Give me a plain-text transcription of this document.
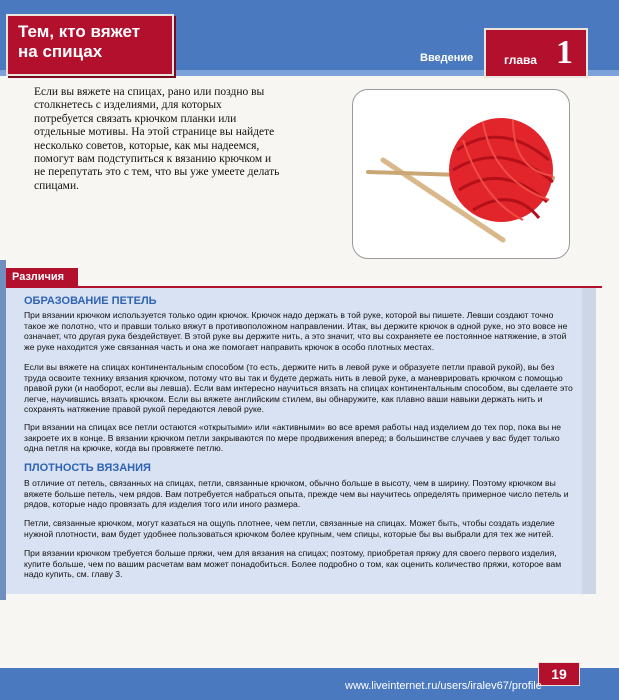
Тем, кто вяжет на спицах	Введение	глава 1
Если вы вяжете на спицах, рано или поздно вы столкнетесь с изделиями, для которых потребуется связать крючком планки или отдельные мотивы. На этой странице вы найдете несколько советов, которые, как мы надеемся, помогут вам подступиться к вязанию крючком и не перепутать это с тем, что вы уже умеете делать спицами.
Различия
ОБРАЗОВАНИЕ ПЕТЕЛЬ
При вязании крючком используется только один крючок. Крючок надо держать в той руке, которой вы пишете. Левши создают точно такое же полотно, что и правши только вяжут в противоположном направлении. Итак, вы держите крючок в одной руке, но это вовсе не означает, что другая рука бездействует. В этой руке вы держите нить, а это значит, что вы сохраняете ее постоянное натяжение, в этой же руке находится уже связанная часть и она же помогает направить крючок в особо плотных местах.
Если вы вяжете на спицах континентальным способом (то есть, держите нить в левой руке и образуете петли правой рукой), вы без труда освоите технику вязания крючком, потому что вы так и будете держать нить в левой руке, а маневрировать крючком с помощью правой руки (и наоборот, если вы левша). Если вам интересно научиться вязать на спицах континентальным способом, вы сделаете это легче, научившись вязать крючком. Если вы вяжете английским стилем, вы обнаружите, как плавно ваши навыки держать нить и сохранять натяжение правой рукой передаются левой руке.
При вязании на спицах все петли остаются «открытыми» или «активными» во все время работы над изделием до тех пор, пока вы не закроете их в конце. В вязании крючком петли закрываются по мере продвижения вперед; в большинстве случаев у вас будет только одна петля на крючке, когда вы провяжете петлю.
ПЛОТНОСТЬ ВЯЗАНИЯ
В отличие от петель, связанных на спицах, петли, связанные крючком, обычно больше в высоту, чем в ширину. Поэтому крючком вы вяжете больше петель, чем рядов. Вам потребуется набраться опыта, прежде чем вы научитесь определять примерное число петель и рядов, которые надо провязать для изделия того или иного размера.
Петли, связанные крючком, могут казаться на ощупь плотнее, чем петли, связанные на спицах. Может быть, чтобы создать изделие нужной плотности, вам будет удобнее пользоваться крючком более крупным, чем спицы, которые бы вы выбрали для тех же нитей.
При вязании крючком требуется больше пряжи, чем для вязания на спицах; поэтому, приобретая пряжу для своего первого изделия, купите больше, чем по вашим расчетам вам может понадобиться. Более подробно о том, как оценить количество пряжи, которое вам надо купить, см. главу 3.
19
www.liveinternet.ru/users/iralev67/profile
